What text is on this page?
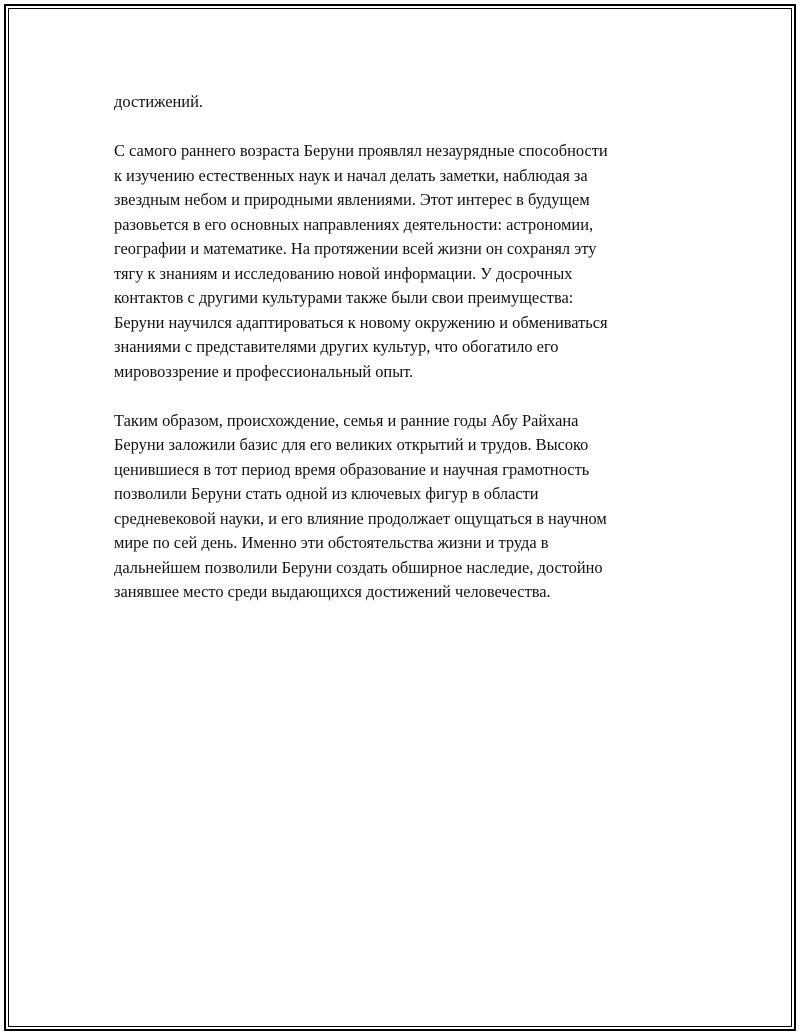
достижений.

С самого раннего возраста Беруни проявлял незаурядные способности
к изучению естественных наук и начал делать заметки, наблюдая за
звездным небом и природными явлениями. Этот интерес в будущем
разовьется в его основных направлениях деятельности: астрономии,
географии и математике. На протяжении всей жизни он сохранял эту
тягу к знаниям и исследованию новой информации. У досрочных
контактов с другими культурами также были свои преимущества:
Беруни научился адаптироваться к новому окружению и обмениваться
знаниями с представителями других культур, что обогатило его
мировоззрение и профессиональный опыт.

Таким образом, происхождение, семья и ранние годы Абу Райхана
Беруни заложили базис для его великих открытий и трудов. Высоко
ценившиеся в тот период время образование и научная грамотность
позволили Беруни стать одной из ключевых фигур в области
средневековой науки, и его влияние продолжает ощущаться в научном
мире по сей день. Именно эти обстоятельства жизни и труда в
дальнейшем позволили Беруни создать обширное наследие, достойно
занявшее место среди выдающихся достижений человечества.
